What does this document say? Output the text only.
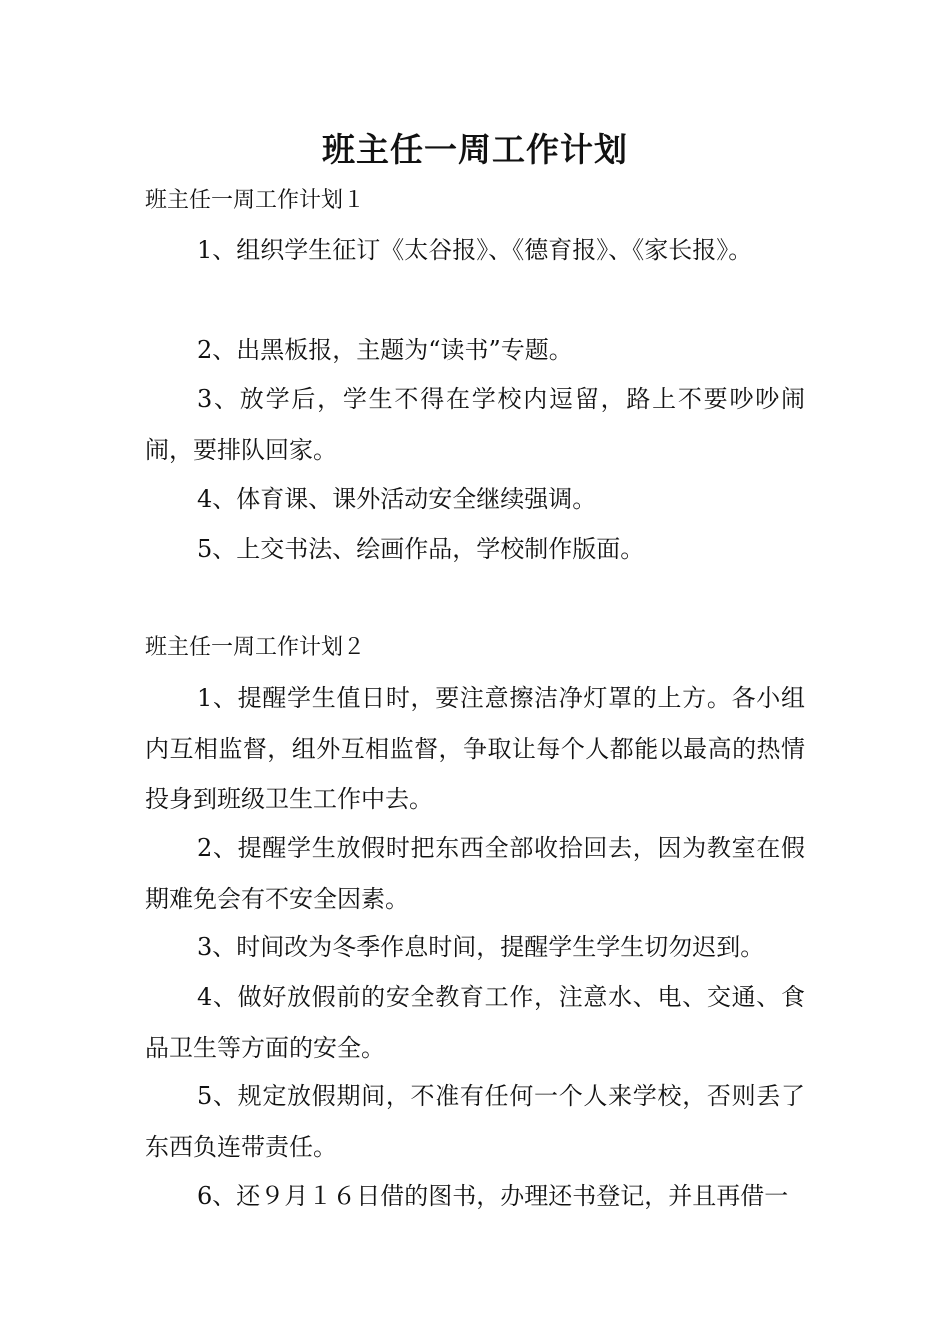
班主任一周工作计划

班主任一周工作计划１

1、组织学生征订《太谷报》、《德育报》、《家长报》。

2、出黑板报，主题为“读书”专题。

3、放学后，学生不得在学校内逗留，路上不要吵吵闹闹，要排队回家。

4、体育课、课外活动安全继续强调。

5、上交书法、绘画作品，学校制作版面。

班主任一周工作计划２

1、提醒学生值日时，要注意擦洁净灯罩的上方。各小组内互相监督，组外互相监督，争取让每个人都能以最高的热情投身到班级卫生工作中去。

2、提醒学生放假时把东西全部收拾回去，因为教室在假期难免会有不安全因素。

3、时间改为冬季作息时间，提醒学生学生切勿迟到。

4、做好放假前的安全教育工作，注意水、电、交通、食品卫生等方面的安全。

5、规定放假期间，不准有任何一个人来学校，否则丢了东西负连带责任。

6、还９月１６日借的图书，办理还书登记，并且再借一
